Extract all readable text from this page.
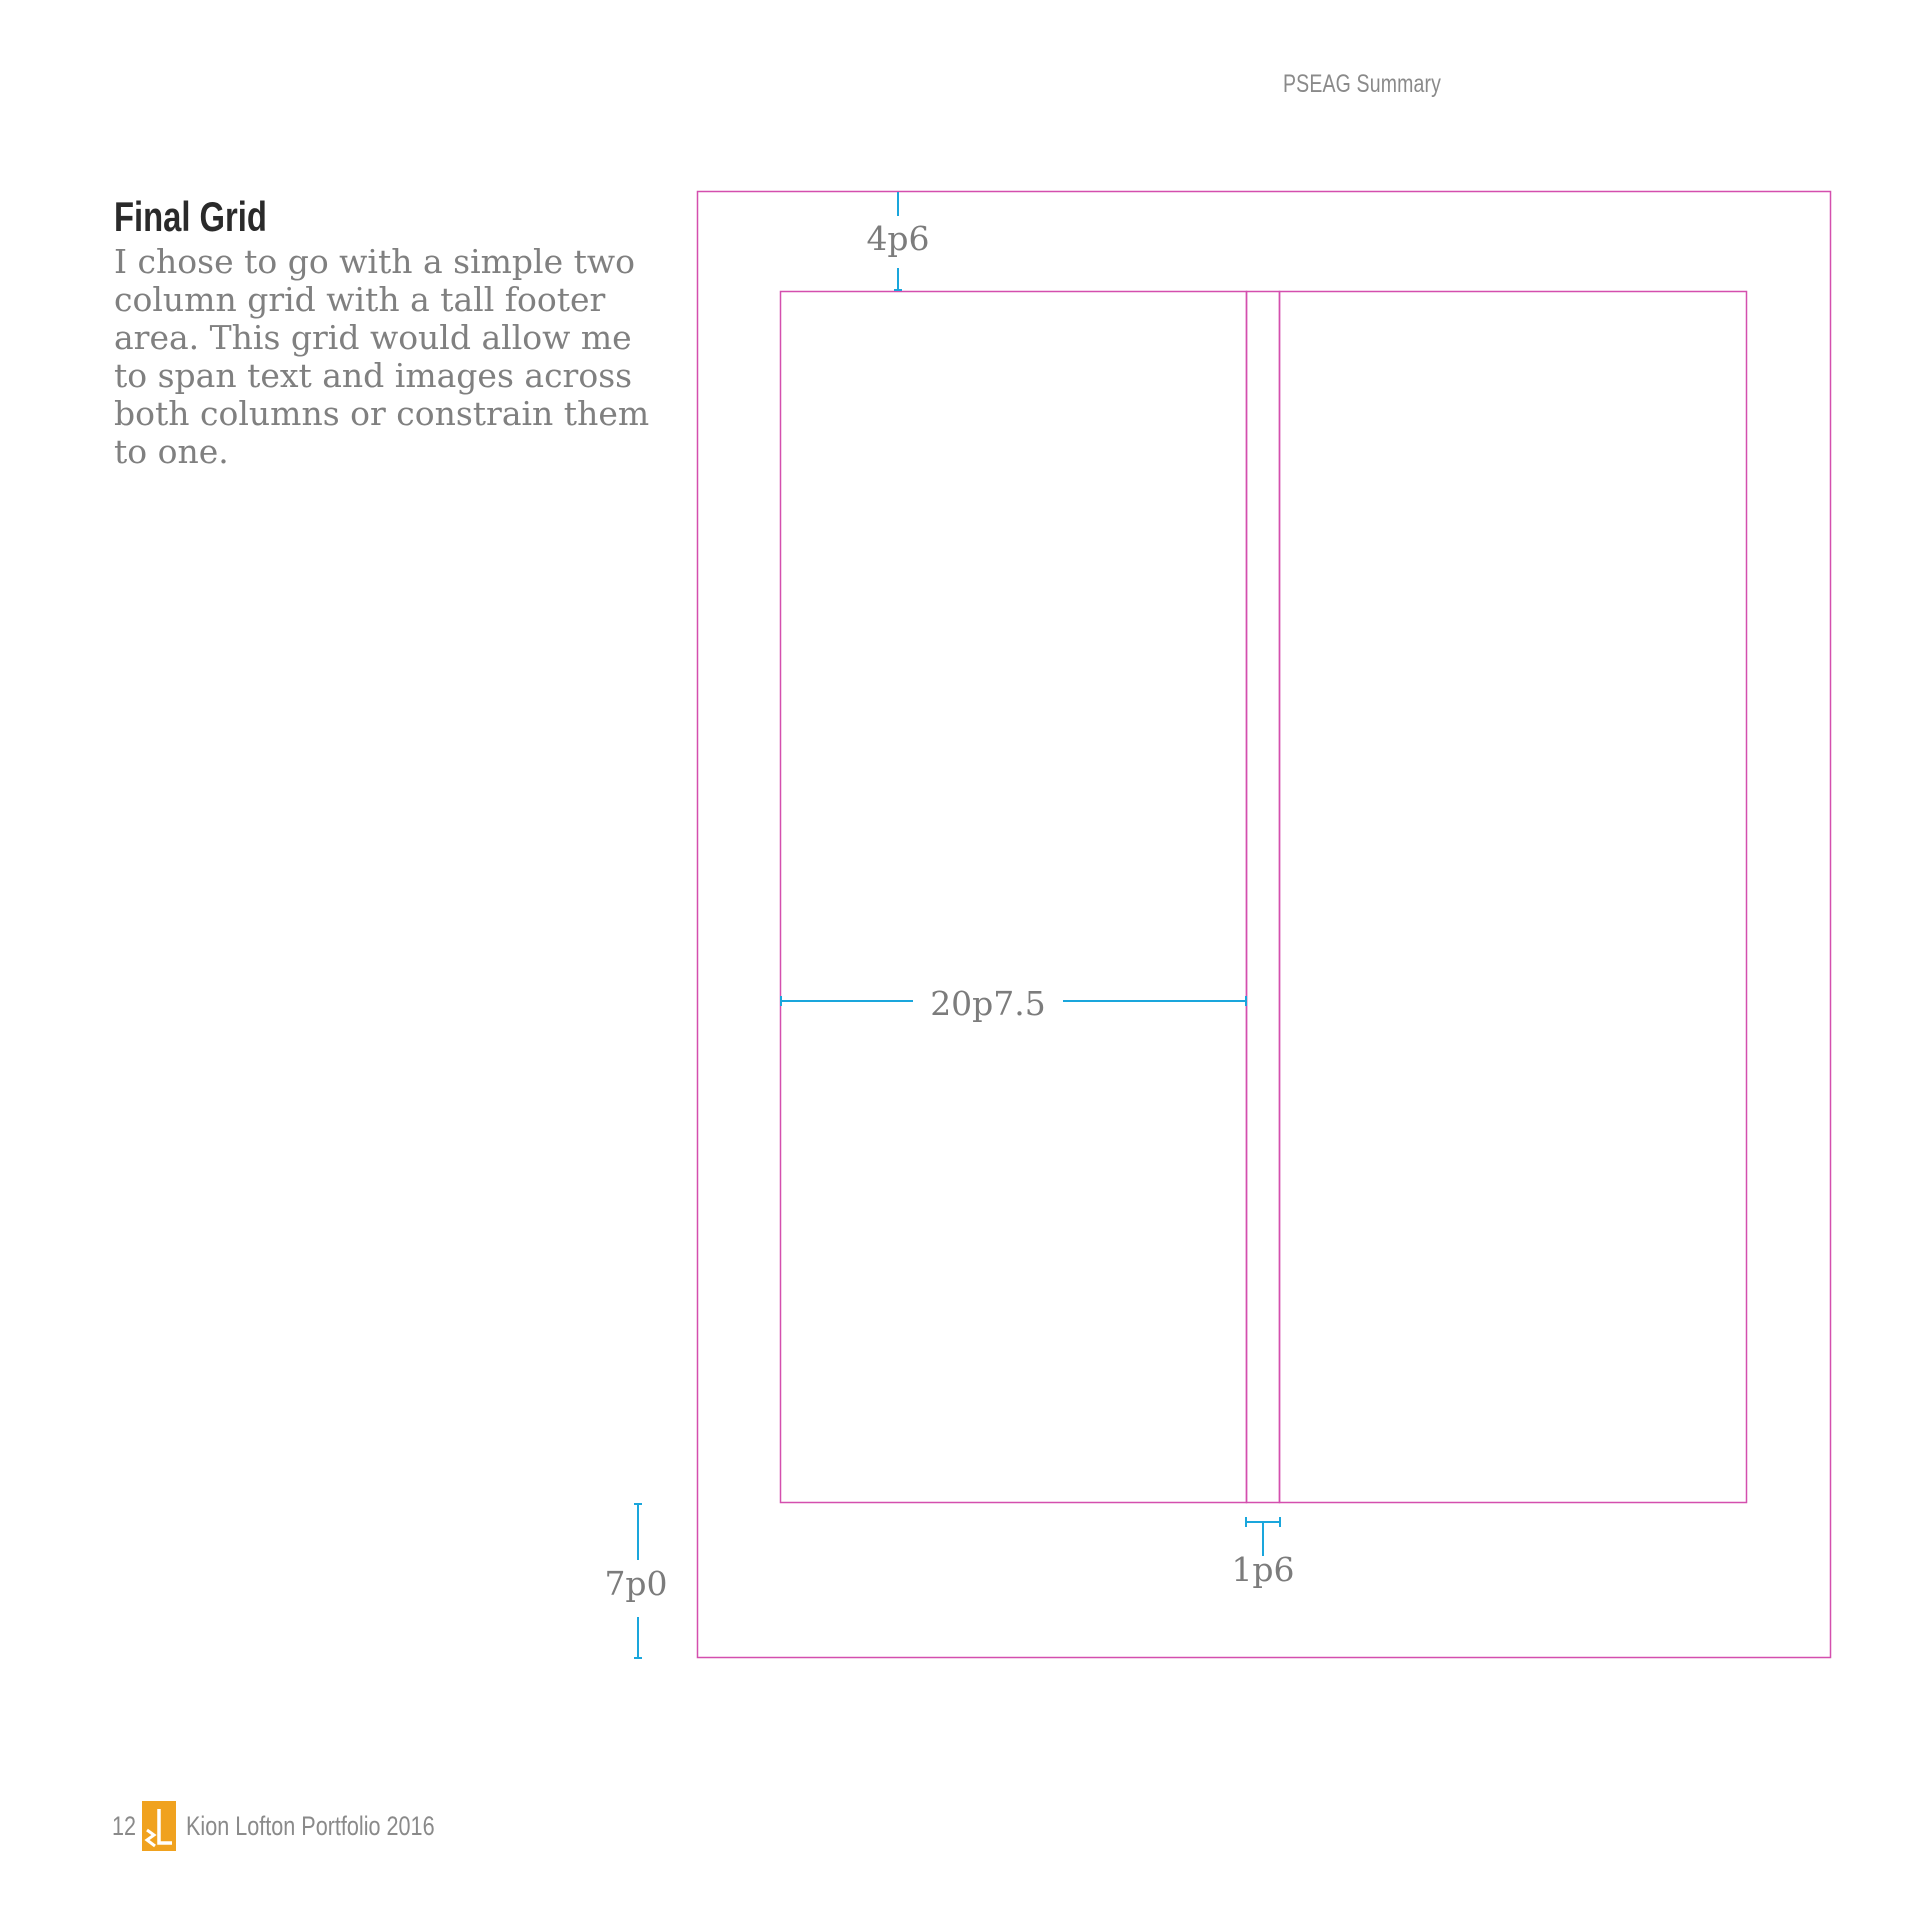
PSEAG Summary
Final Grid

I chose to go with a simple two column grid with a tall footer area. This grid would allow me to span text and images across both columns or constrain them to one.

4p6
20p7.5
1p6
7p0
12 Kion Lofton Portfolio 2016
